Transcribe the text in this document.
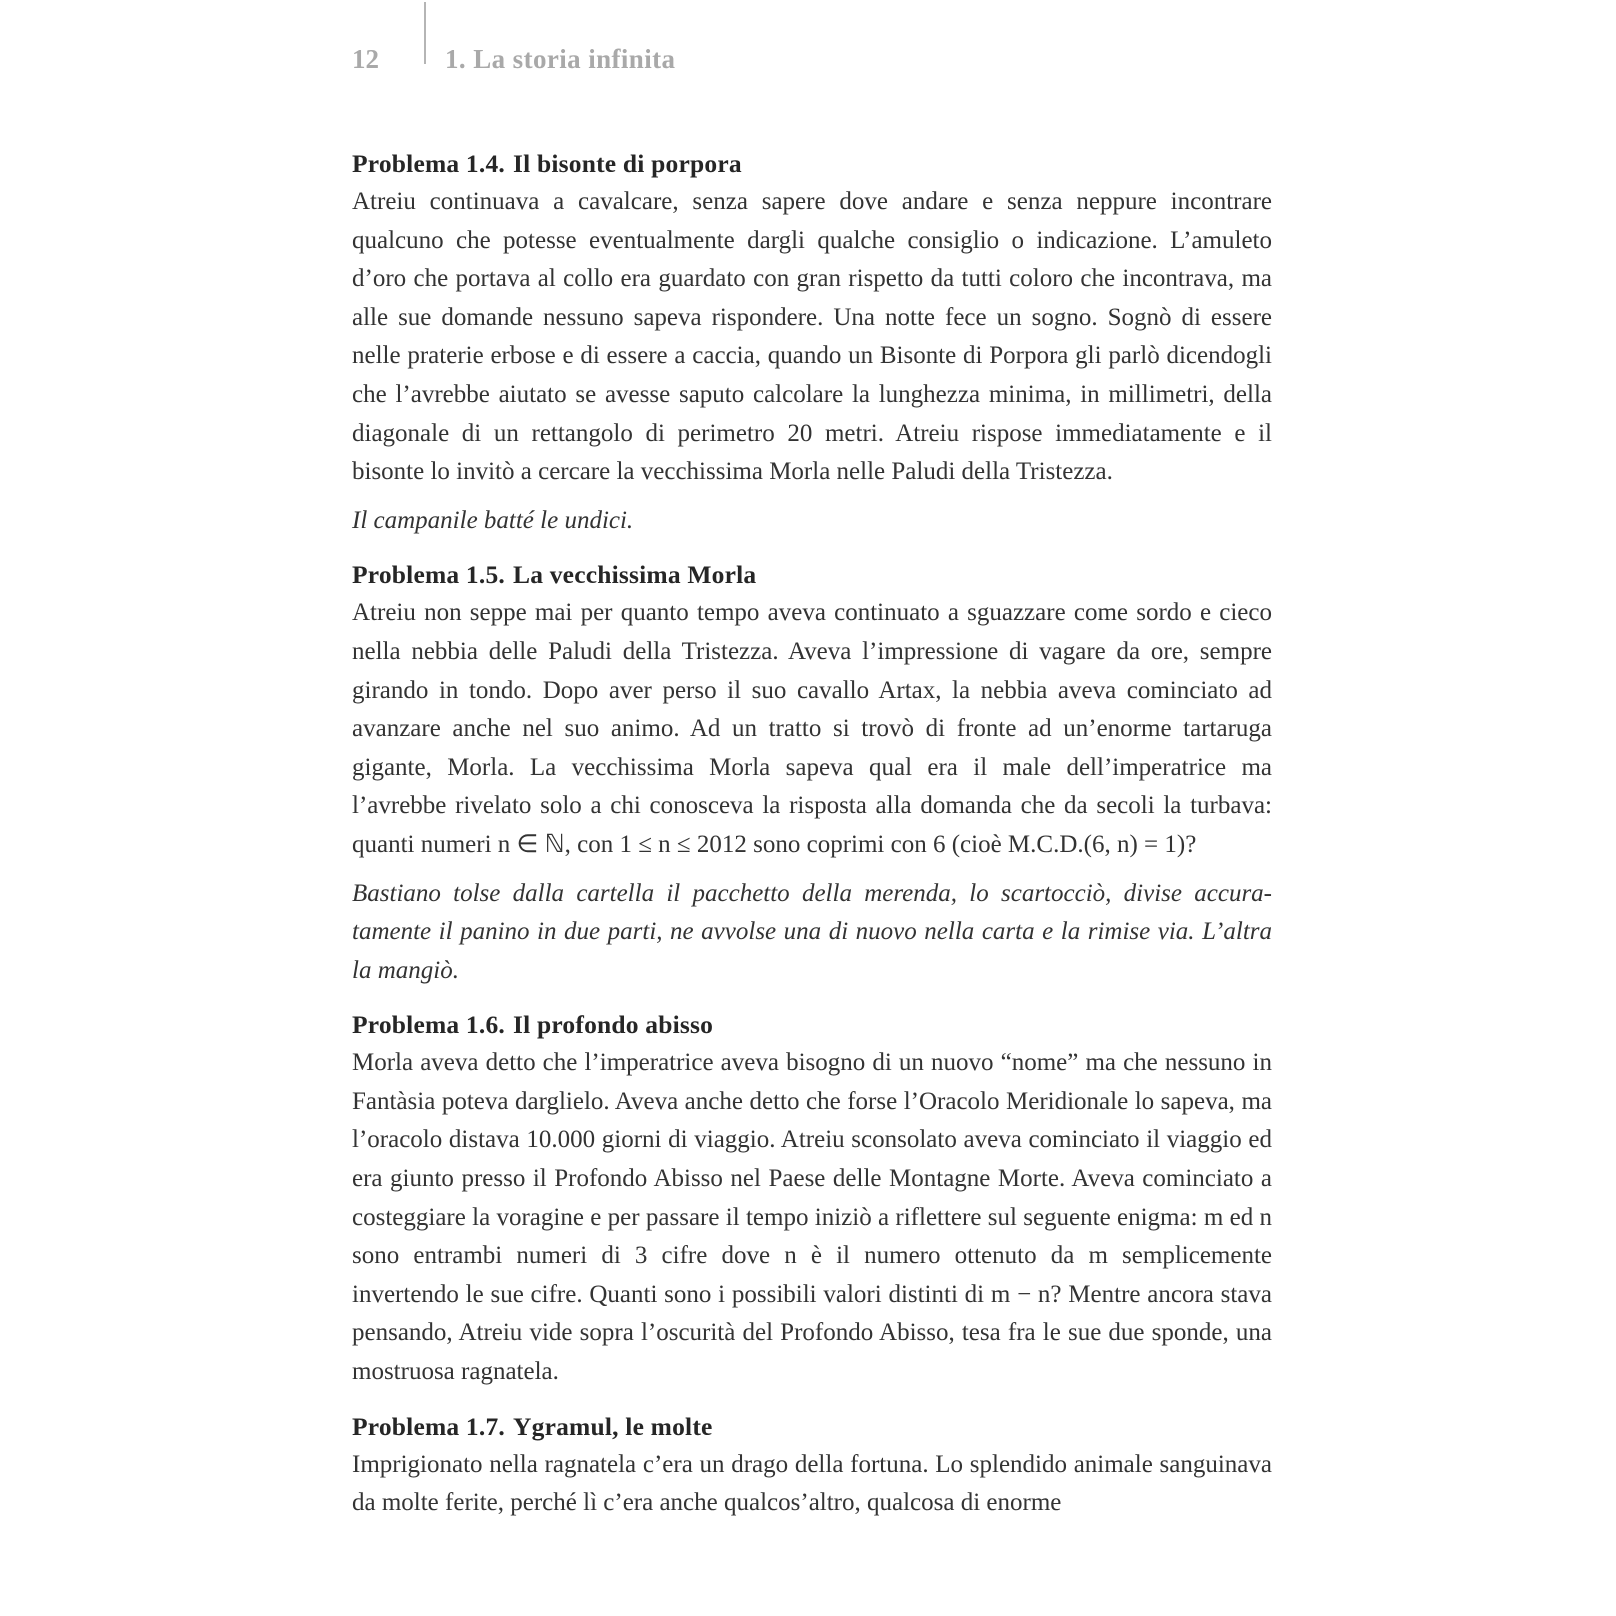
12 1. La storia infinita
Problema 1.4. Il bisonte di porpora

Atreiu continuava a cavalcare, senza sapere dove andare e senza neppure incontrare qualcuno che potesse eventualmente dargli qualche consiglio o indicazione. L’amuleto d’oro che portava al collo era guardato con gran rispetto da tutti coloro che incontrava, ma alle sue domande nessuno sapeva rispondere. Una notte fece un sogno. Sognò di essere nelle praterie erbose e di essere a caccia, quando un Bisonte di Porpora gli parlò dicendogli che l’avrebbe aiutato se avesse saputo calcolare la lunghezza minima, in millimetri, della diagonale di un rettangolo di perimetro 20 metri. Atreiu rispose immediatamente e il bisonte lo invitò a cercare la vecchissima Morla nelle Paludi della Tristezza.

Il campanile batté le undici.

Problema 1.5. La vecchissima Morla

Atreiu non seppe mai per quanto tempo aveva continuato a sguazzare come sordo e cieco nella nebbia delle Paludi della Tristezza. Aveva l’impressione di vagare da ore, sempre girando in tondo. Dopo aver perso il suo cavallo Artax, la nebbia aveva cominciato ad avanzare anche nel suo animo. Ad un tratto si trovò di fronte ad un’enorme tartaruga gigante, Morla. La vecchissima Morla sapeva qual era il male dell’imperatrice ma l’avrebbe rivelato solo a chi conosceva la risposta alla domanda che da secoli la turbava: quanti numeri n ∈ ℕ, con 1 ≤ n ≤ 2012 sono coprimi con 6 (cioè M.C.D.(6, n) = 1)?

Bastiano tolse dalla cartella il pacchetto della merenda, lo scartocciò, divise accuratamente il panino in due parti, ne avvolse una di nuovo nella carta e la rimise via. L’altra la mangiò.

Problema 1.6. Il profondo abisso

Morla aveva detto che l’imperatrice aveva bisogno di un nuovo “nome” ma che nessuno in Fantàsia poteva darglielo. Aveva anche detto che forse l’Oracolo Meridionale lo sapeva, ma l’oracolo distava 10.000 giorni di viaggio. Atreiu sconsolato aveva cominciato il viaggio ed era giunto presso il Profondo Abisso nel Paese delle Montagne Morte. Aveva cominciato a costeggiare la voragine e per passare il tempo iniziò a riflettere sul seguente enigma: m ed n sono entrambi numeri di 3 cifre dove n è il numero ottenuto da m semplicemente invertendo le sue cifre. Quanti sono i possibili valori distinti di m − n? Mentre ancora stava pensando, Atreiu vide sopra l’oscurità del Profondo Abisso, tesa fra le sue due sponde, una mostruosa ragnatela.

Problema 1.7. Ygramul, le molte

Imprigionato nella ragnatela c’era un drago della fortuna. Lo splendido animale sanguinava da molte ferite, perché lì c’era anche qualcos’altro, qualcosa di enorme
